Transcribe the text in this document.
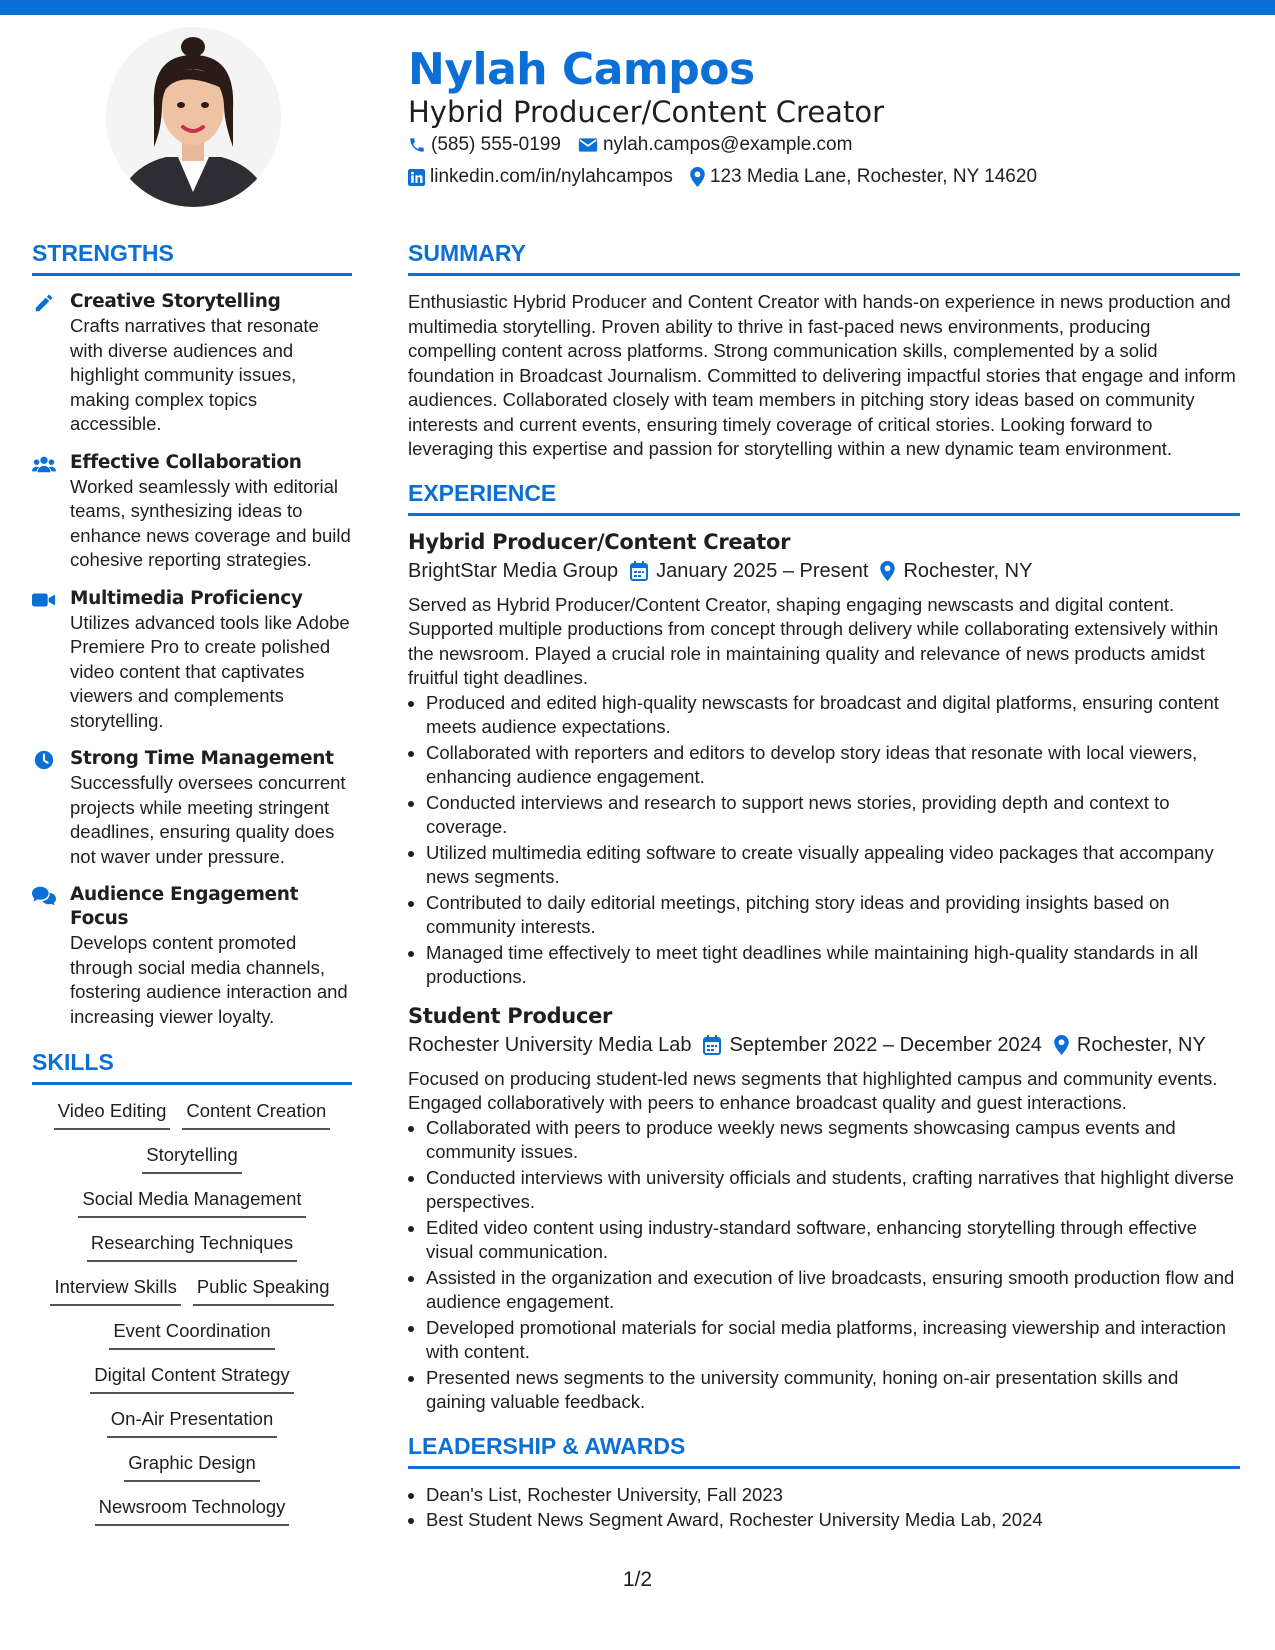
Nylah Campos
Hybrid Producer/Content Creator
(585) 555-0199 nylah.campos@example.com
linkedin.com/in/nylahcampos 123 Media Lane, Rochester, NY 14620
STRENGTHS
Creative Storytelling
Crafts narratives that resonate with diverse audiences and highlight community issues, making complex topics accessible.
Effective Collaboration
Worked seamlessly with editorial teams, synthesizing ideas to enhance news coverage and build cohesive reporting strategies.
Multimedia Proficiency
Utilizes advanced tools like Adobe Premiere Pro to create polished video content that captivates viewers and complements storytelling.
Strong Time Management
Successfully oversees concurrent projects while meeting stringent deadlines, ensuring quality does not waver under pressure.
Audience Engagement Focus
Develops content promoted through social media channels, fostering audience interaction and increasing viewer loyalty.
SKILLS
Video Editing Content Creation
Storytelling
Social Media Management
Researching Techniques
Interview Skills Public Speaking
Event Coordination
Digital Content Strategy
On-Air Presentation
Graphic Design
Newsroom Technology
SUMMARY
Enthusiastic Hybrid Producer and Content Creator with hands-on experience in news production and multimedia storytelling. Proven ability to thrive in fast-paced news environments, producing compelling content across platforms. Strong communication skills, complemented by a solid foundation in Broadcast Journalism. Committed to delivering impactful stories that engage and inform audiences. Collaborated closely with team members in pitching story ideas based on community interests and current events, ensuring timely coverage of critical stories. Looking forward to leveraging this expertise and passion for storytelling within a new dynamic team environment.
EXPERIENCE
Hybrid Producer/Content Creator
BrightStar Media Group January 2025 – Present Rochester, NY
Served as Hybrid Producer/Content Creator, shaping engaging newscasts and digital content. Supported multiple productions from concept through delivery while collaborating extensively within the newsroom. Played a crucial role in maintaining quality and relevance of news products amidst fruitful tight deadlines.
• Produced and edited high-quality newscasts for broadcast and digital platforms, ensuring content meets audience expectations.
• Collaborated with reporters and editors to develop story ideas that resonate with local viewers, enhancing audience engagement.
• Conducted interviews and research to support news stories, providing depth and context to coverage.
• Utilized multimedia editing software to create visually appealing video packages that accompany news segments.
• Contributed to daily editorial meetings, pitching story ideas and providing insights based on community interests.
• Managed time effectively to meet tight deadlines while maintaining high-quality standards in all productions.
Student Producer
Rochester University Media Lab September 2022 – December 2024 Rochester, NY
Focused on producing student-led news segments that highlighted campus and community events. Engaged collaboratively with peers to enhance broadcast quality and guest interactions.
• Collaborated with peers to produce weekly news segments showcasing campus events and community issues.
• Conducted interviews with university officials and students, crafting narratives that highlight diverse perspectives.
• Edited video content using industry-standard software, enhancing storytelling through effective visual communication.
• Assisted in the organization and execution of live broadcasts, ensuring smooth production flow and audience engagement.
• Developed promotional materials for social media platforms, increasing viewership and interaction with content.
• Presented news segments to the university community, honing on-air presentation skills and gaining valuable feedback.
LEADERSHIP & AWARDS
• Dean's List, Rochester University, Fall 2023
• Best Student News Segment Award, Rochester University Media Lab, 2024
1/2
